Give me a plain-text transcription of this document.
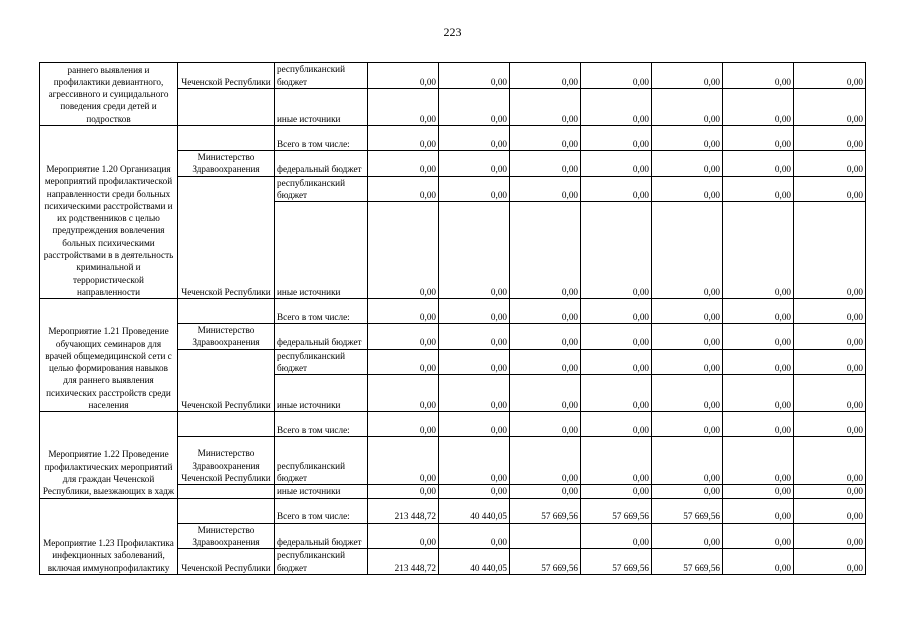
223
раннего выявления и профилактики девиантного, агрессивного и суицидального поведения среди детей и подростков	Чеченской Республики	республиканский бюджет	0,00	0,00	0,00	0,00	0,00	0,00	0,00
		иные источники	0,00	0,00	0,00	0,00	0,00	0,00	0,00
Мероприятие 1.20 Организация мероприятий профилактической направленности среди больных психическими расстройствами и их родственников с целью предупреждения вовлечения больных психическими расстройствами в в деятельность криминальной и террористической направленности		Всего в том числе:	0,00	0,00	0,00	0,00	0,00	0,00	0,00
	Министерство Здравоохранения	федеральный бюджет	0,00	0,00	0,00	0,00	0,00	0,00	0,00
	Чеченской Республики	республиканский бюджет	0,00	0,00	0,00	0,00	0,00	0,00	0,00
		иные источники	0,00	0,00	0,00	0,00	0,00	0,00	0,00
Мероприятие 1.21 Проведение обучающих семинаров для врачей общемедицинской сети с целью формирования навыков для раннего выявления психических расстройств среди населения		Всего в том числе:	0,00	0,00	0,00	0,00	0,00	0,00	0,00
	Министерство Здравоохранения	федеральный бюджет	0,00	0,00	0,00	0,00	0,00	0,00	0,00
	Чеченской Республики	республиканский бюджет	0,00	0,00	0,00	0,00	0,00	0,00	0,00
		иные источники	0,00	0,00	0,00	0,00	0,00	0,00	0,00
Мероприятие 1.22 Проведение профилактических мероприятий для граждан Чеченской Республики, выезжающих в хадж		Всего в том числе:	0,00	0,00	0,00	0,00	0,00	0,00	0,00
	Министерство Здравоохранения Чеченской Республики	республиканский бюджет	0,00	0,00	0,00	0,00	0,00	0,00	0,00
		иные источники	0,00	0,00	0,00	0,00	0,00	0,00	0,00
Мероприятие 1.23 Профилактика инфекционных заболеваний, включая иммунопрофилактику		Всего в том числе:	213 448,72	40 440,05	57 669,56	57 669,56	57 669,56	0,00	0,00
	Министерство Здравоохранения	федеральный бюджет	0,00	0,00		0,00	0,00	0,00	0,00
	Чеченской Республики	республиканский бюджет	213 448,72	40 440,05	57 669,56	57 669,56	57 669,56	0,00	0,00
